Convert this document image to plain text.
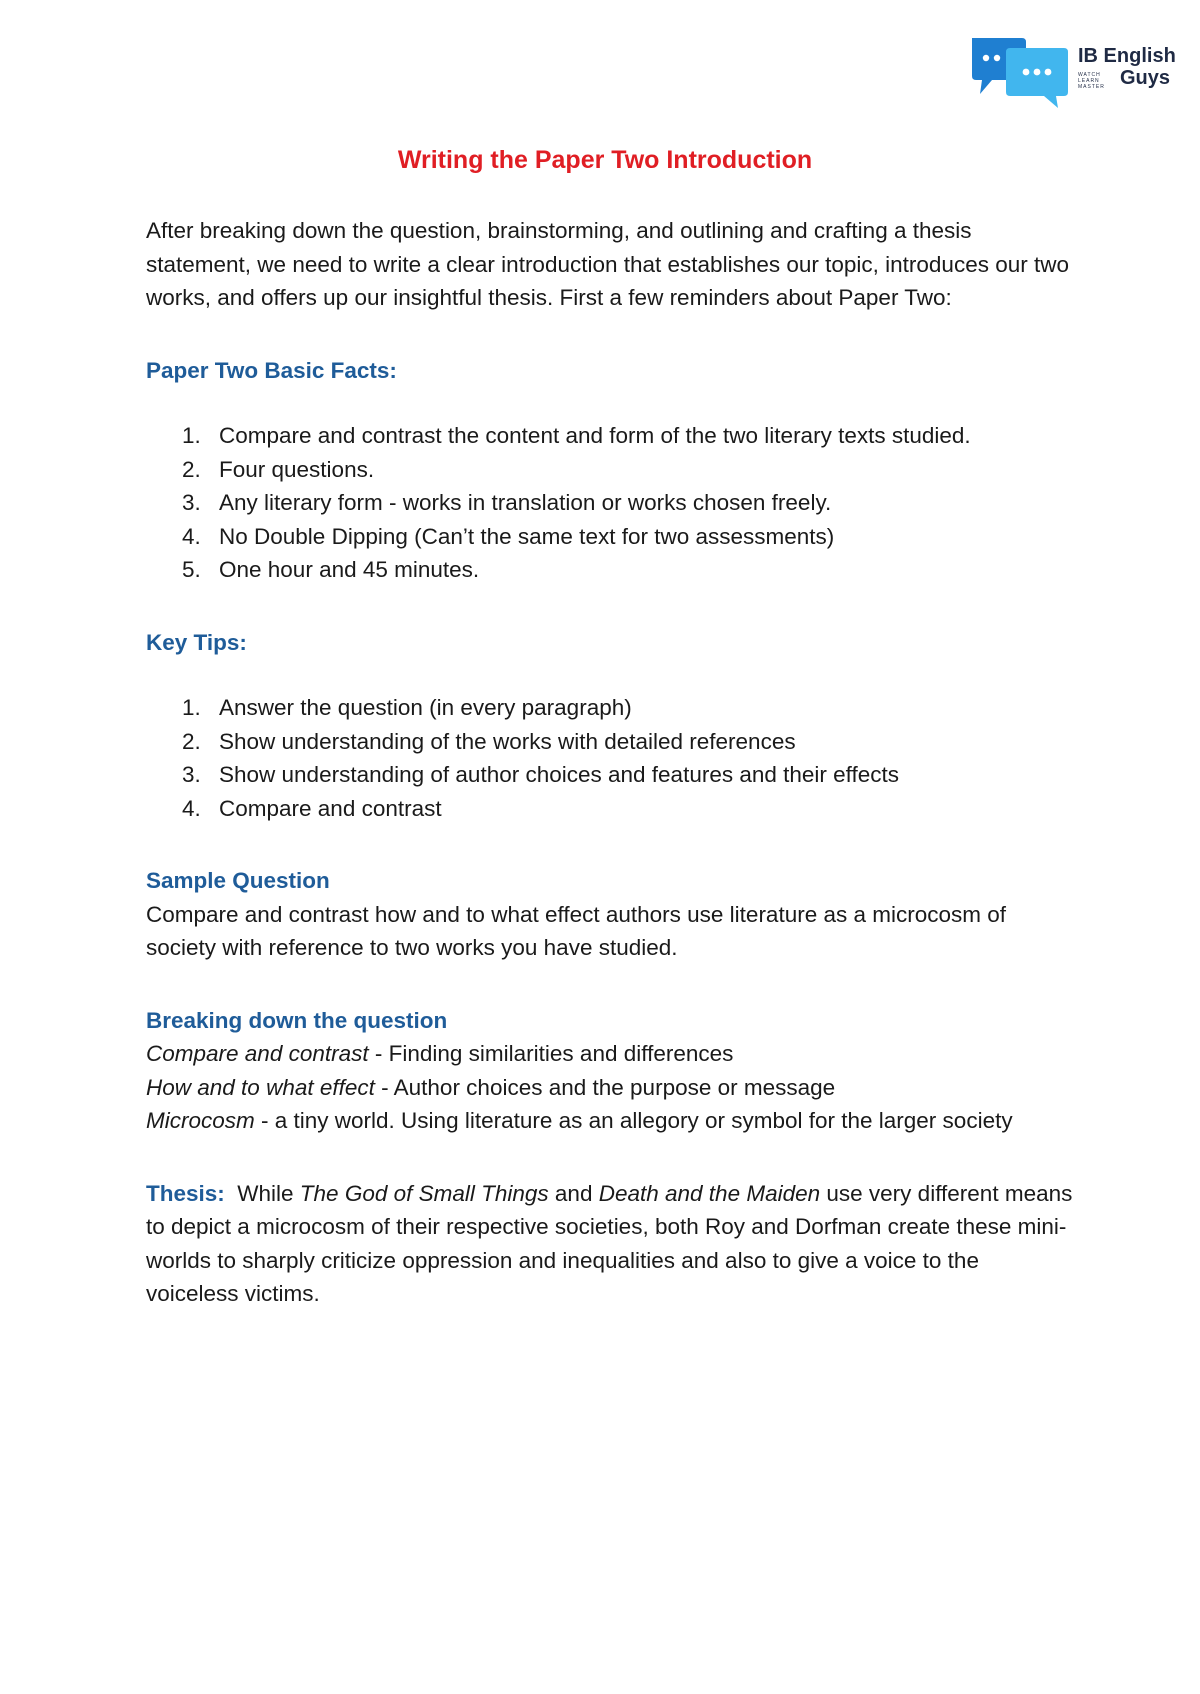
IB English
WATCH LEARN MASTER Guys
Writing the Paper Two Introduction

After breaking down the question, brainstorming, and outlining and crafting a thesis statement, we need to write a clear introduction that establishes our topic, introduces our two works, and offers up our insightful thesis. First a few reminders about Paper Two:

Paper Two Basic Facts:

1. Compare and contrast the content and form of the two literary texts studied.
2. Four questions.
3. Any literary form - works in translation or works chosen freely.
4. No Double Dipping (Can’t the same text for two assessments)
5. One hour and 45 minutes.

Key Tips:

1. Answer the question (in every paragraph)
2. Show understanding of the works with detailed references
3. Show understanding of author choices and features and their effects
4. Compare and contrast

Sample Question

Compare and contrast how and to what effect authors use literature as a microcosm of society with reference to two works you have studied.

Breaking down the question

Compare and contrast - Finding similarities and differences

How and to what effect - Author choices and the purpose or message

Microcosm - a tiny world. Using literature as an allegory or symbol for the larger society

Thesis:  While The God of Small Things and Death and the Maiden use very different means to depict a microcosm of their respective societies, both Roy and Dorfman create these mini-worlds to sharply criticize oppression and inequalities and also to give a voice to the voiceless victims.
